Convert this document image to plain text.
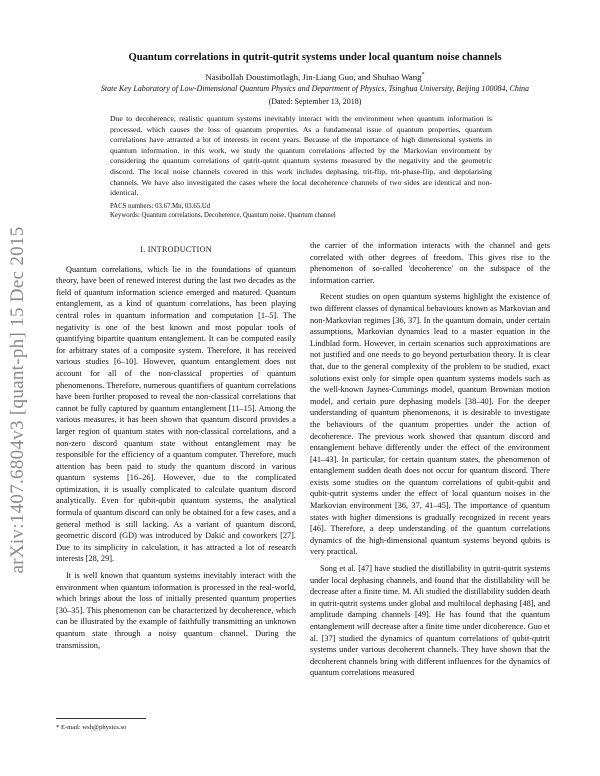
arXiv:1407.6804v3 [quant-ph] 15 Dec 2015
Quantum correlations in qutrit-qutrit systems under local quantum noise channels
Nasibollah Doustimotlagh, Jin-Liang Guo, and Shuhao Wang*
State Key Laboratory of Low-Dimensional Quantum Physics and Department of Physics, Tsinghua University, Beijing 100084, China
(Dated: September 13, 2018)
Due to decoherence, realistic quantum systems inevitably interact with the environment when quantum information is processed, which causes the loss of quantum properties. As a fundamental issue of quantum properties, quantum correlations have attracted a lot of interests in recent years. Because of the importance of high dimensional systems in quantum information, in this work, we study the quantum correlations affected by the Markovian environment by considering the quantum correlations of qutrit-qutrit quantum systems measured by the negativity and the geometric discord. The local noise channels covered in this work includes dephasing, trit-flip, trit-phase-flip, and depolarising channels. We have also investigated the cases where the local decoherence channels of two sides are identical and non-identical.
PACS numbers: 03.67.Mn, 03.65.Ud
Keywords: Quantum correlations, Decoherence, Quantum noise, Quantum channel
I. INTRODUCTION

Quantum correlations, which lie in the foundations of quantum theory, have been of renewed interest during the last two decades as the field of quantum information science emerged and matured. Quantum entanglement, as a kind of quantum correlations, has been playing central roles in quantum information and computation [1–5]. The negativity is one of the best known and most popular tools of quantifying bipartite quantum entanglement. It can be computed easily for arbitrary states of a composite system. Therefore, it has received various studies [6–10]. However, quantum entanglement does not account for all of the non-classical properties of quantum phenomenons. Therefore, numerous quantifiers of quantum correlations have been further proposed to reveal the non-classical correlations that cannot be fully captured by quantum entanglement [11–15]. Among the various measures, it has been shown that quantum discord provides a larger region of quantum states with non-classical correlations, and a non-zero discord quantum state without entanglement may be responsible for the efficiency of a quantum computer. Therefore, much attention has been paid to study the quantum discord in various quantum systems [16–26]. However, due to the complicated optimization, it is usually complicated to calculate quantum discord analytically. Even for qubit-qubit quantum systems, the analytical formula of quantum discord can only be obtained for a few cases, and a general method is still lacking. As a variant of quantum discord, geometric discord (GD) was introduced by Dakić and coworkers [27]. Due to its simplicity in calculation, it has attracted a lot of research interests [28, 29].

It is well known that quantum systems inevitably interact with the environment when quantum information is processed in the real-world, which brings about the loss of initially presented quantum properties [30–35]. This phenomenon can be characterized by decoherence, which can be illustrated by the example of faithfully transmitting an unknown quantum state through a noisy quantum channel. During the transmission,

the carrier of the information interacts with the channel and gets correlated with other degrees of freedom. This gives rise to the phenomenon of so-called 'decoherence' on the subspace of the information carrier.

Recent studies on open quantum systems highlight the existence of two different classes of dynamical behaviours known as Markovian and non-Markovian regimes [36, 37]. In the quantum domain, under certain assumptions, Markovian dynamics lead to a master equation in the Lindblad form. However, in certain scenarios such approximations are not justified and one needs to go beyond perturbation theory. It is clear that, due to the general complexity of the problem to be studied, exact solutions exist only for simple open quantum systems models such as the well-known Jaynes-Cummings model, quantum Brownian motion model, and certain pure dephasing models [38–40]. For the deeper understanding of quantum phenomenons, it is desirable to investigate the behaviours of the quantum properties under the action of decoherence. The previous work showed that quantum discord and entanglement behave differently under the effect of the environment [41–43]. In particular, for certain quantum states, the phenomenon of entanglement sudden death does not occur for quantum discord. There exists some studies on the quantum correlations of qubit-qubit and qubit-qutrit systems under the effect of local quantum noises in the Markovian environment [36, 37, 41–45]. The importance of quantum states with higher dimensions is gradually recognized in recent years [46]. Therefore, a deep understanding of the quantum correlations dynamics of the high-dimensional quantum systems beyond qubits is very practical.

Song et al. [47] have studied the distillability in qutrit-qutrit systems under local dephasing channels, and found that the distillability will be decrease after a finite time. M. Ali studied the distillability sudden death in qutrit-qutrit systems under global and multilocal dephasing [48], and amplitude damping channels [49]. He has found that the quantum entanglement will decrease after a finite time under dicoherence. Guo et al. [37] studied the dynamics of quantum correlations of qubit-qutrit systems under various decoherent channels. They have shown that the decoherent channels bring with different influences for the dynamics of quantum correlations measured

* E-mail: wsh@physics.so
